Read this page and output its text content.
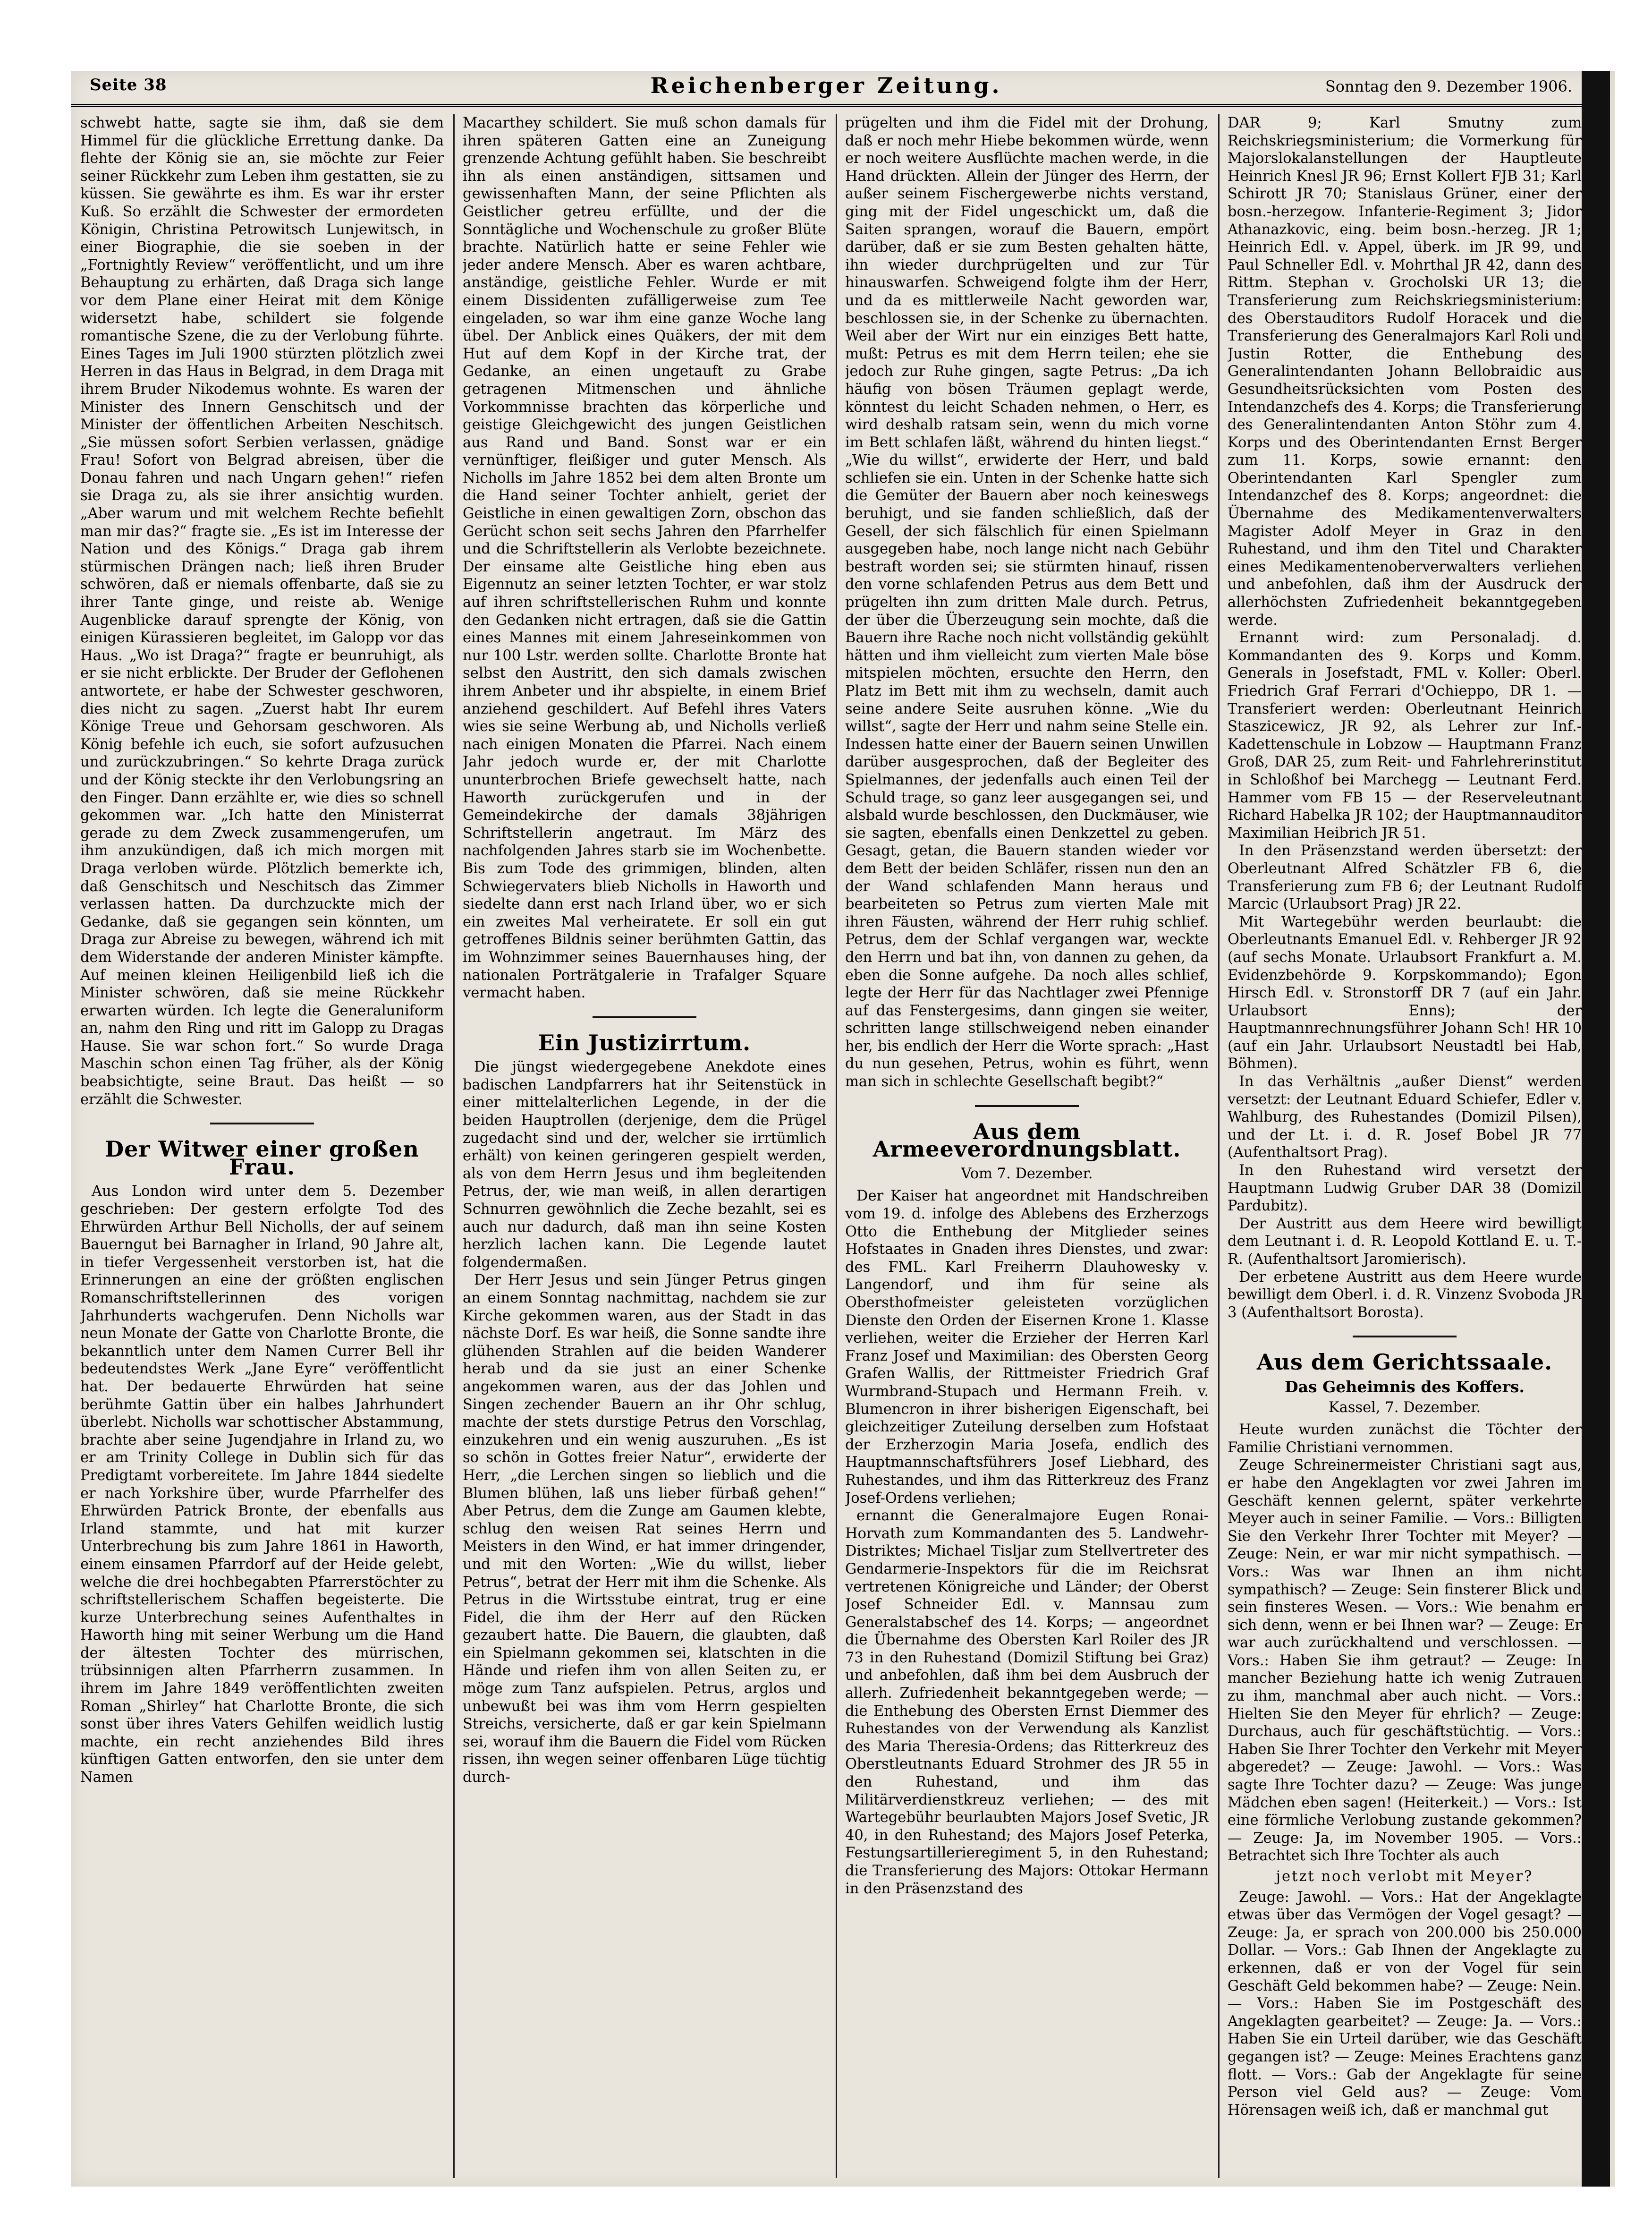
Seite 38	Reichenberger Zeitung.	Sonntag den 9. Dezember 1906.

schwebt hatte, sagte sie ihm, daß sie dem Himmel für die glückliche Errettung danke. Da flehte der König sie an, sie möchte zur Feier seiner Rückkehr zum Leben ihm gestatten, sie zu küssen. Sie gewährte es ihm. Es war ihr erster Kuß. So erzählt die Schwester der ermordeten Königin, Christina Petrowitsch Lunjewitsch, in einer Biographie, die sie soeben in der „Fortnightly Review“ veröffentlicht, und um ihre Behauptung zu erhärten, daß Draga sich lange vor dem Plane einer Heirat mit dem Könige widersetzt habe, schildert sie folgende romantische Szene, die zu der Verlobung führte. Eines Tages im Juli 1900 stürzten plötzlich zwei Herren in das Haus in Belgrad, in dem Draga mit ihrem Bruder Nikodemus wohnte. Es waren der Minister des Innern Genschitsch und der Minister der öffentlichen Arbeiten Neschitsch. „Sie müssen sofort Serbien verlassen, gnädige Frau! Sofort von Belgrad abreisen, über die Donau fahren und nach Ungarn gehen!“ riefen sie Draga zu, als sie ihrer ansichtig wurden. „Aber warum und mit welchem Rechte befiehlt man mir das?“ fragte sie. „Es ist im Interesse der Nation und des Königs.“ Draga gab ihrem stürmischen Drängen nach; ließ ihren Bruder schwören, daß er niemals offenbarte, daß sie zu ihrer Tante ginge, und reiste ab. Wenige Augenblicke darauf sprengte der König, von einigen Kürassieren begleitet, im Galopp vor das Haus. „Wo ist Draga?“ fragte er beunruhigt, als er sie nicht erblickte. Der Bruder der Geflohenen antwortete, er habe der Schwester geschworen, dies nicht zu sagen. „Zuerst habt Ihr eurem Könige Treue und Gehorsam geschworen. Als König befehle ich euch, sie sofort aufzusuchen und zurückzubringen.“ So kehrte Draga zurück und der König steckte ihr den Verlobungsring an den Finger. Dann erzählte er, wie dies so schnell gekommen war. „Ich hatte den Ministerrat gerade zu dem Zweck zusammengerufen, um ihm anzukündigen, daß ich mich morgen mit Draga verloben würde. Plötzlich bemerkte ich, daß Genschitsch und Neschitsch das Zimmer verlassen hatten. Da durchzuckte mich der Gedanke, daß sie gegangen sein könnten, um Draga zur Abreise zu bewegen, während ich mit dem Widerstande der anderen Minister kämpfte. Auf meinen kleinen Heiligenbild ließ ich die Minister schwören, daß sie meine Rückkehr erwarten würden. Ich legte die Generaluniform an, nahm den Ring und ritt im Galopp zu Dragas Hause. Sie war schon fort.“ So wurde Draga Maschin schon einen Tag früher, als der König beabsichtigte, seine Braut. Das heißt — so erzählt die Schwester.

Der Witwer einer großen Frau.

Aus London wird unter dem 5. Dezember geschrieben: Der gestern erfolgte Tod des Ehrwürden Arthur Bell Nicholls, der auf seinem Bauerngut bei Barnagher in Irland, 90 Jahre alt, in tiefer Vergessenheit verstorben ist, hat die Erinnerungen an eine der größten englischen Romanschriftstellerinnen des vorigen Jahrhunderts wachgerufen. Denn Nicholls war neun Monate der Gatte von Charlotte Bronte, die bekanntlich unter dem Namen Currer Bell ihr bedeutendstes Werk „Jane Eyre“ veröffentlicht hat. Der bedauerte Ehrwürden hat seine berühmte Gattin über ein halbes Jahrhundert überlebt. Nicholls war schottischer Abstammung, brachte aber seine Jugendjahre in Irland zu, wo er am Trinity College in Dublin sich für das Predigtamt vorbereitete. Im Jahre 1844 siedelte er nach Yorkshire über, wurde Pfarrhelfer des Ehrwürden Patrick Bronte, der ebenfalls aus Irland stammte, und hat mit kurzer Unterbrechung bis zum Jahre 1861 in Haworth, einem einsamen Pfarrdorf auf der Heide gelebt, welche die drei hochbegabten Pfarrerstöchter zu schriftstellerischem Schaffen begeisterte. Die kurze Unterbrechung seines Aufenthaltes in Haworth hing mit seiner Werbung um die Hand der ältesten Tochter des mürrischen, trübsinnigen alten Pfarrherrn zusammen. In ihrem im Jahre 1849 veröffentlichten zweiten Roman „Shirley“ hat Charlotte Bronte, die sich sonst über ihres Vaters Gehilfen weidlich lustig machte, ein recht anziehendes Bild ihres künftigen Gatten entworfen, den sie unter dem Namen

Macarthey schildert. Sie muß schon damals für ihren späteren Gatten eine an Zuneigung grenzende Achtung gefühlt haben. Sie beschreibt ihn als einen anständigen, sittsamen und gewissenhaften Mann, der seine Pflichten als Geistlicher getreu erfüllte, und der die Sonntägliche und Wochenschule zu großer Blüte brachte. Natürlich hatte er seine Fehler wie jeder andere Mensch. Aber es waren achtbare, anständige, geistliche Fehler. Wurde er mit einem Dissidenten zufälligerweise zum Tee eingeladen, so war ihm eine ganze Woche lang übel. Der Anblick eines Quäkers, der mit dem Hut auf dem Kopf in der Kirche trat, der Gedanke, an einen ungetauft zu Grabe getragenen Mitmenschen und ähnliche Vorkommnisse brachten das körperliche und geistige Gleichgewicht des jungen Geistlichen aus Rand und Band. Sonst war er ein vernünftiger, fleißiger und guter Mensch. Als Nicholls im Jahre 1852 bei dem alten Bronte um die Hand seiner Tochter anhielt, geriet der Geistliche in einen gewaltigen Zorn, obschon das Gerücht schon seit sechs Jahren den Pfarrhelfer und die Schriftstellerin als Verlobte bezeichnete. Der einsame alte Geistliche hing eben aus Eigennutz an seiner letzten Tochter, er war stolz auf ihren schriftstellerischen Ruhm und konnte den Gedanken nicht ertragen, daß sie die Gattin eines Mannes mit einem Jahreseinkommen von nur 100 Lstr. werden sollte. Charlotte Bronte hat selbst den Austritt, den sich damals zwischen ihrem Anbeter und ihr abspielte, in einem Brief anziehend geschildert. Auf Befehl ihres Vaters wies sie seine Werbung ab, und Nicholls verließ nach einigen Monaten die Pfarrei. Nach einem Jahr jedoch wurde er, der mit Charlotte ununterbrochen Briefe gewechselt hatte, nach Haworth zurückgerufen und in der Gemeindekirche der damals 38jährigen Schriftstellerin angetraut. Im März des nachfolgenden Jahres starb sie im Wochenbette. Bis zum Tode des grimmigen, blinden, alten Schwiegervaters blieb Nicholls in Haworth und siedelte dann erst nach Irland über, wo er sich ein zweites Mal verheiratete. Er soll ein gut getroffenes Bildnis seiner berühmten Gattin, das im Wohnzimmer seines Bauernhauses hing, der nationalen Porträtgalerie in Trafalger Square vermacht haben.

Ein Justizirrtum.

Die jüngst wiedergegebene Anekdote eines badischen Landpfarrers hat ihr Seitenstück in einer mittelalterlichen Legende, in der die beiden Hauptrollen (derjenige, dem die Prügel zugedacht sind und der, welcher sie irrtümlich erhält) von keinen geringeren gespielt werden, als von dem Herrn Jesus und ihm begleitenden Petrus, der, wie man weiß, in allen derartigen Schnurren gewöhnlich die Zeche bezahlt, sei es auch nur dadurch, daß man ihn seine Kosten herzlich lachen kann. Die Legende lautet folgendermaßen.

Der Herr Jesus und sein Jünger Petrus gingen an einem Sonntag nachmittag, nachdem sie zur Kirche gekommen waren, aus der Stadt in das nächste Dorf. Es war heiß, die Sonne sandte ihre glühenden Strahlen auf die beiden Wanderer herab und da sie just an einer Schenke angekommen waren, aus der das Johlen und Singen zechender Bauern an ihr Ohr schlug, machte der stets durstige Petrus den Vorschlag, einzukehren und ein wenig auszuruhen. „Es ist so schön in Gottes freier Natur“, erwiderte der Herr, „die Lerchen singen so lieblich und die Blumen blühen, laß uns lieber fürbaß gehen!“ Aber Petrus, dem die Zunge am Gaumen klebte, schlug den weisen Rat seines Herrn und Meisters in den Wind, er hat immer dringender, und mit den Worten: „Wie du willst, lieber Petrus“, betrat der Herr mit ihm die Schenke. Als Petrus in die Wirtsstube eintrat, trug er eine Fidel, die ihm der Herr auf den Rücken gezaubert hatte. Die Bauern, die glaubten, daß ein Spielmann gekommen sei, klatschten in die Hände und riefen ihm von allen Seiten zu, er möge zum Tanz aufspielen. Petrus, arglos und unbewußt bei was ihm vom Herrn gespielten Streichs, versicherte, daß er gar kein Spielmann sei, worauf ihm die Bauern die Fidel vom Rücken rissen, ihn wegen seiner offenbaren Lüge tüchtig durch-

prügelten und ihm die Fidel mit der Drohung, daß er noch mehr Hiebe bekommen würde, wenn er noch weitere Ausflüchte machen werde, in die Hand drückten. Allein der Jünger des Herrn, der außer seinem Fischergewerbe nichts verstand, ging mit der Fidel ungeschickt um, daß die Saiten sprangen, worauf die Bauern, empört darüber, daß er sie zum Besten gehalten hätte, ihn wieder durchprügelten und zur Tür hinauswarfen. Schweigend folgte ihm der Herr, und da es mittlerweile Nacht geworden war, beschlossen sie, in der Schenke zu übernachten. Weil aber der Wirt nur ein einziges Bett hatte, mußt: Petrus es mit dem Herrn teilen; ehe sie jedoch zur Ruhe gingen, sagte Petrus: „Da ich häufig von bösen Träumen geplagt werde, könntest du leicht Schaden nehmen, o Herr, es wird deshalb ratsam sein, wenn du mich vorne im Bett schlafen läßt, während du hinten liegst.“ „Wie du willst“, erwiderte der Herr, und bald schliefen sie ein. Unten in der Schenke hatte sich die Gemüter der Bauern aber noch keineswegs beruhigt, und sie fanden schließlich, daß der Gesell, der sich fälschlich für einen Spielmann ausgegeben habe, noch lange nicht nach Gebühr bestraft worden sei; sie stürmten hinauf, rissen den vorne schlafenden Petrus aus dem Bett und prügelten ihn zum dritten Male durch. Petrus, der über die Überzeugung sein mochte, daß die Bauern ihre Rache noch nicht vollständig gekühlt hätten und ihm vielleicht zum vierten Male böse mitspielen möchten, ersuchte den Herrn, den Platz im Bett mit ihm zu wechseln, damit auch seine andere Seite ausruhen könne. „Wie du willst“, sagte der Herr und nahm seine Stelle ein. Indessen hatte einer der Bauern seinen Unwillen darüber ausgesprochen, daß der Begleiter des Spielmannes, der jedenfalls auch einen Teil der Schuld trage, so ganz leer ausgegangen sei, und alsbald wurde beschlossen, den Duckmäuser, wie sie sagten, ebenfalls einen Denkzettel zu geben. Gesagt, getan, die Bauern standen wieder vor dem Bett der beiden Schläfer, rissen nun den an der Wand schlafenden Mann heraus und bearbeiteten so Petrus zum vierten Male mit ihren Fäusten, während der Herr ruhig schlief. Petrus, dem der Schlaf vergangen war, weckte den Herrn und bat ihn, von dannen zu gehen, da eben die Sonne aufgehe. Da noch alles schlief, legte der Herr für das Nachtlager zwei Pfennige auf das Fenstergesims, dann gingen sie weiter, schritten lange stillschweigend neben einander her, bis endlich der Herr die Worte sprach: „Hast du nun gesehen, Petrus, wohin es führt, wenn man sich in schlechte Gesellschaft begibt?“

Aus dem Armeeverordnungsblatt.
Vom 7. Dezember.

Der Kaiser hat angeordnet mit Handschreiben vom 19. d. infolge des Ablebens des Erzherzogs Otto die Enthebung der Mitglieder seines Hofstaates in Gnaden ihres Dienstes, und zwar: des FML. Karl Freiherrn Dlauhowesky v. Langendorf, und ihm für seine als Obersthofmeister geleisteten vorzüglichen Dienste den Orden der Eisernen Krone 1. Klasse verliehen, weiter die Erzieher der Herren Karl Franz Josef und Maximilian: des Obersten Georg Grafen Wallis, der Rittmeister Friedrich Graf Wurmbrand-Stupach und Hermann Freih. v. Blumencron in ihrer bisherigen Eigenschaft, bei gleichzeitiger Zuteilung derselben zum Hofstaat der Erzherzogin Maria Josefa, endlich des Hauptmannschaftsführers Josef Liebhard, des Ruhestandes, und ihm das Ritterkreuz des Franz Josef-Ordens verliehen;

ernannt die Generalmajore Eugen Ronai-Horvath zum Kommandanten des 5. Landwehr-Distriktes; Michael Tisljar zum Stellvertreter des Gendarmerie-Inspektors für die im Reichsrat vertretenen Königreiche und Länder; der Oberst Josef Schneider Edl. v. Mannsau zum Generalstabschef des 14. Korps; — angeordnet die Übernahme des Obersten Karl Roiler des JR 73 in den Ruhestand (Domizil Stiftung bei Graz) und anbefohlen, daß ihm bei dem Ausbruch der allerh. Zufriedenheit bekanntgegeben werde; — die Enthebung des Obersten Ernst Diemmer des Ruhestandes von der Verwendung als Kanzlist des Maria Theresia-Ordens; das Ritterkreuz des Oberstleutnants Eduard Strohmer des JR 55 in den Ruhestand, und ihm das Militärverdienstkreuz verliehen; — des mit Wartegebühr beurlaubten Majors Josef Svetic, JR 40, in den Ruhestand; des Majors Josef Peterka, Festungsartillerieregiment 5, in den Ruhestand; die Transferierung des Majors: Ottokar Hermann in den Präsenzstand des

DAR 9; Karl Smutny zum Reichskriegsministerium; die Vormerkung für Majorslokalanstellungen der Hauptleute Heinrich Knesl JR 96; Ernst Kollert FJB 31; Karl Schirott JR 70; Stanislaus Grüner, einer der bosn.-herzegow. Infanterie-Regiment 3; Jidor Athanazkovic, eing. beim bosn.-herzeg. JR 1; Heinrich Edl. v. Appel, überk. im JR 99, und Paul Schneller Edl. v. Mohrthal JR 42, dann des Rittm. Stephan v. Grocholski UR 13; die Transferierung zum Reichskriegsministerium: des Oberstauditors Rudolf Horacek und die Transferierung des Generalmajors Karl Roli und Justin Rotter, die Enthebung des Generalintendanten Johann Bellobraidic aus Gesundheitsrücksichten vom Posten des Intendanzchefs des 4. Korps; die Transferierung des Generalintendanten Anton Stöhr zum 4. Korps und des Oberintendanten Ernst Berger zum 11. Korps, sowie ernannt: den Oberintendanten Karl Spengler zum Intendanzchef des 8. Korps; angeordnet: die Übernahme des Medikamentenverwalters Magister Adolf Meyer in Graz in den Ruhestand, und ihm den Titel und Charakter eines Medikamentenoberverwalters verliehen und anbefohlen, daß ihm der Ausdruck der allerhöchsten Zufriedenheit bekanntgegeben werde.

Ernannt wird: zum Personaladj. d. Kommandanten des 9. Korps und Komm. Generals in Josefstadt, FML v. Koller: Oberl. Friedrich Graf Ferrari d'Ochieppo, DR 1. — Transferiert werden: Oberleutnant Heinrich Staszicewicz, JR 92, als Lehrer zur Inf.-Kadettenschule in Lobzow — Hauptmann Franz Groß, DAR 25, zum Reit- und Fahrlehrerinstitut in Schloßhof bei Marchegg — Leutnant Ferd. Hammer vom FB 15 — der Reserveleutnant Richard Habelka JR 102; der Hauptmannauditor Maximilian Heibrich JR 51.

In den Präsenzstand werden übersetzt: der Oberleutnant Alfred Schätzler FB 6, die Transferierung zum FB 6; der Leutnant Rudolf Marcic (Urlaubsort Prag) JR 22.

Mit Wartegebühr werden beurlaubt: die Oberleutnants Emanuel Edl. v. Rehberger JR 92 (auf sechs Monate. Urlaubsort Frankfurt a. M. Evidenzbehörde 9. Korpskommando); Egon Hirsch Edl. v. Stronstorff DR 7 (auf ein Jahr. Urlaubsort Enns); der Hauptmannrechnungsführer Johann Sch! HR 10 (auf ein Jahr. Urlaubsort Neustadtl bei Hab, Böhmen).

In das Verhältnis „außer Dienst“ werden versetzt: der Leutnant Eduard Schiefer, Edler v. Wahlburg, des Ruhestandes (Domizil Pilsen), und der Lt. i. d. R. Josef Bobel JR 77 (Aufenthaltsort Prag).

In den Ruhestand wird versetzt der Hauptmann Ludwig Gruber DAR 38 (Domizil Pardubitz).

Der Austritt aus dem Heere wird bewilligt dem Leutnant i. d. R. Leopold Kottland E. u. T.-R. (Aufenthaltsort Jaromierisch).

Der erbetene Austritt aus dem Heere wurde bewilligt dem Oberl. i. d. R. Vinzenz Svoboda JR 3 (Aufenthaltsort Borosta).

Aus dem Gerichtssaale.
Das Geheimnis des Koffers.
Kassel, 7. Dezember.

Heute wurden zunächst die Töchter der Familie Christiani vernommen.

Zeuge Schreinermeister Christiani sagt aus, er habe den Angeklagten vor zwei Jahren im Geschäft kennen gelernt, später verkehrte Meyer auch in seiner Familie. — Vors.: Billigten Sie den Verkehr Ihrer Tochter mit Meyer? — Zeuge: Nein, er war mir nicht sympathisch. — Vors.: Was war Ihnen an ihm nicht sympathisch? — Zeuge: Sein finsterer Blick und sein finsteres Wesen. — Vors.: Wie benahm er sich denn, wenn er bei Ihnen war? — Zeuge: Er war auch zurückhaltend und verschlossen. — Vors.: Haben Sie ihm getraut? — Zeuge: In mancher Beziehung hatte ich wenig Zutrauen zu ihm, manchmal aber auch nicht. — Vors.: Hielten Sie den Meyer für ehrlich? — Zeuge: Durchaus, auch für geschäftstüchtig. — Vors.: Haben Sie Ihrer Tochter den Verkehr mit Meyer abgeredet? — Zeuge: Jawohl. — Vors.: Was sagte Ihre Tochter dazu? — Zeuge: Was junge Mädchen eben sagen! (Heiterkeit.) — Vors.: Ist eine förmliche Verlobung zustande gekommen? — Zeuge: Ja, im November 1905. — Vors.: Betrachtet sich Ihre Tochter als auch

jetzt noch verlobt mit Meyer?

Zeuge: Jawohl. — Vors.: Hat der Angeklagte etwas über das Vermögen der Vogel gesagt? — Zeuge: Ja, er sprach von 200.000 bis 250.000 Dollar. — Vors.: Gab Ihnen der Angeklagte zu erkennen, daß er von der Vogel für sein Geschäft Geld bekommen habe? — Zeuge: Nein. — Vors.: Haben Sie im Postgeschäft des Angeklagten gearbeitet? — Zeuge: Ja. — Vors.: Haben Sie ein Urteil darüber, wie das Geschäft gegangen ist? — Zeuge: Meines Erachtens ganz flott. — Vors.: Gab der Angeklagte für seine Person viel Geld aus? — Zeuge: Vom Hörensagen weiß ich, daß er manchmal gut
